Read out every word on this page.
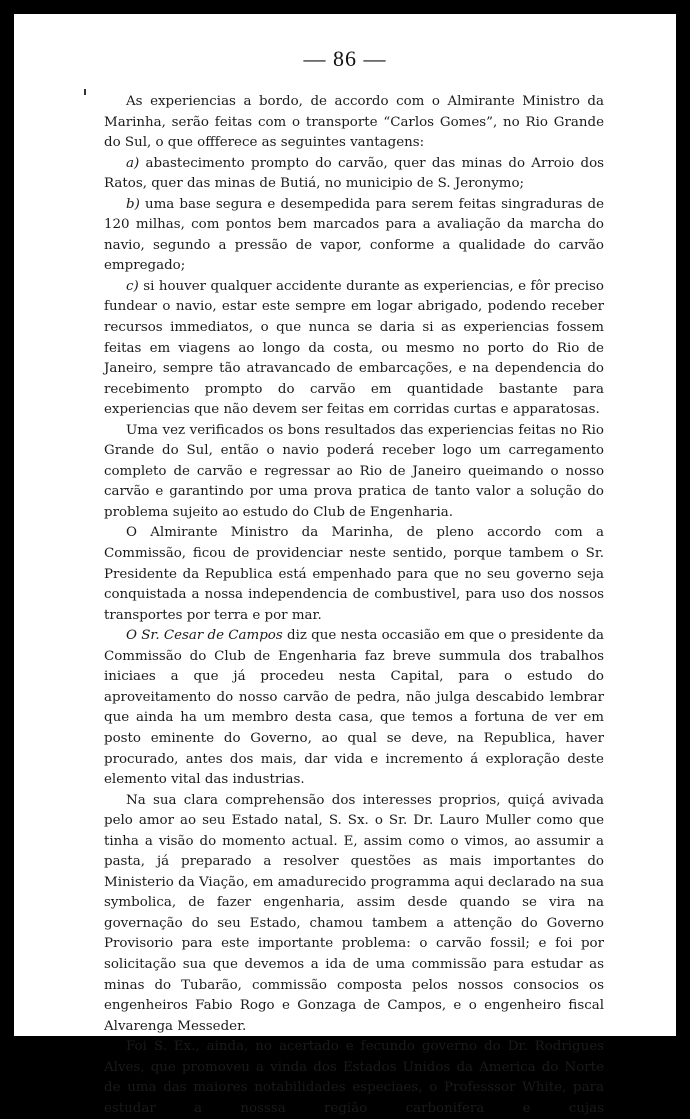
— 86 —

As experiencias a bordo, de accordo com o Almirante Ministro da Marinha, serão feitas com o transporte “Carlos Gomes”, no Rio Grande do Sul, o que offferece as seguintes vantagens:

a) abastecimento prompto do carvão, quer das minas do Arroio dos Ratos, quer das minas de Butiá, no municipio de S. Jeronymo;

b) uma base segura e desempedida para serem feitas singraduras de 120 milhas, com pontos bem marcados para a avaliação da marcha do navio, segundo a pressão de vapor, conforme a qualidade do carvão empregado;

c) si houver qualquer accidente durante as experiencias, e fôr preciso fundear o navio, estar este sempre em logar abrigado, podendo receber recursos immediatos, o que nunca se daria si as experiencias fossem feitas em viagens ao longo da costa, ou mesmo no porto do Rio de Janeiro, sempre tão atravancado de embarcações, e na dependencia do recebimento prompto do carvão em quantidade bastante para experiencias que não devem ser feitas em corridas curtas e apparatosas.

Uma vez verificados os bons resultados das experiencias feitas no Rio Grande do Sul, então o navio poderá receber logo um carregamento completo de carvão e regressar ao Rio de Janeiro queimando o nosso carvão e garantindo por uma prova pratica de tanto valor a solução do problema sujeito ao estudo do Club de Engenharia.

O Almirante Ministro da Marinha, de pleno accordo com a Commissão, ficou de providenciar neste sentido, porque tambem o Sr. Presidente da Republica está empenhado para que no seu governo seja conquistada a nossa independencia de combustivel, para uso dos nossos transportes por terra e por mar.

O Sr. Cesar de Campos diz que nesta occasião em que o presidente da Commissão do Club de Engenharia faz breve summula dos trabalhos iniciaes a que já procedeu nesta Capital, para o estudo do aproveitamento do nosso carvão de pedra, não julga descabido lembrar que ainda ha um membro desta casa, que temos a fortuna de ver em posto eminente do Governo, ao qual se deve, na Republica, haver procurado, antes dos mais, dar vida e incremento á exploração deste elemento vital das industrias.

Na sua clara comprehensão dos interesses proprios, quiçá avivada pelo amor ao seu Estado natal, S. Sx. o Sr. Dr. Lauro Muller como que tinha a visão do momento actual. E, assim como o vimos, ao assumir a pasta, já preparado a resolver questões as mais importantes do Ministerio da Viação, em amadurecido programma aqui declarado na sua symbolica, de fazer engenharia, assim desde quando se vira na governação do seu Estado, chamou tambem a attenção do Governo Provisorio para este importante problema: o carvão fossil; e foi por solicitação sua que devemos a ida de uma commissão para estudar as minas do Tubarão, commissão composta pelos nossos consocios os engenheiros Fabio Rogo e Gonzaga de Campos, e o engenheiro fiscal Alvarenga Messeder.

Foi S. Ex., ainda, no acertado e fecundo governo do Dr. Rodrigues Alves, que promoveu a vinda dos Estados Unidos da America do Norte de uma das maiores notabilidades especiaes, o Professsor White, para estudar a nosssa região carbonifera e cujas
